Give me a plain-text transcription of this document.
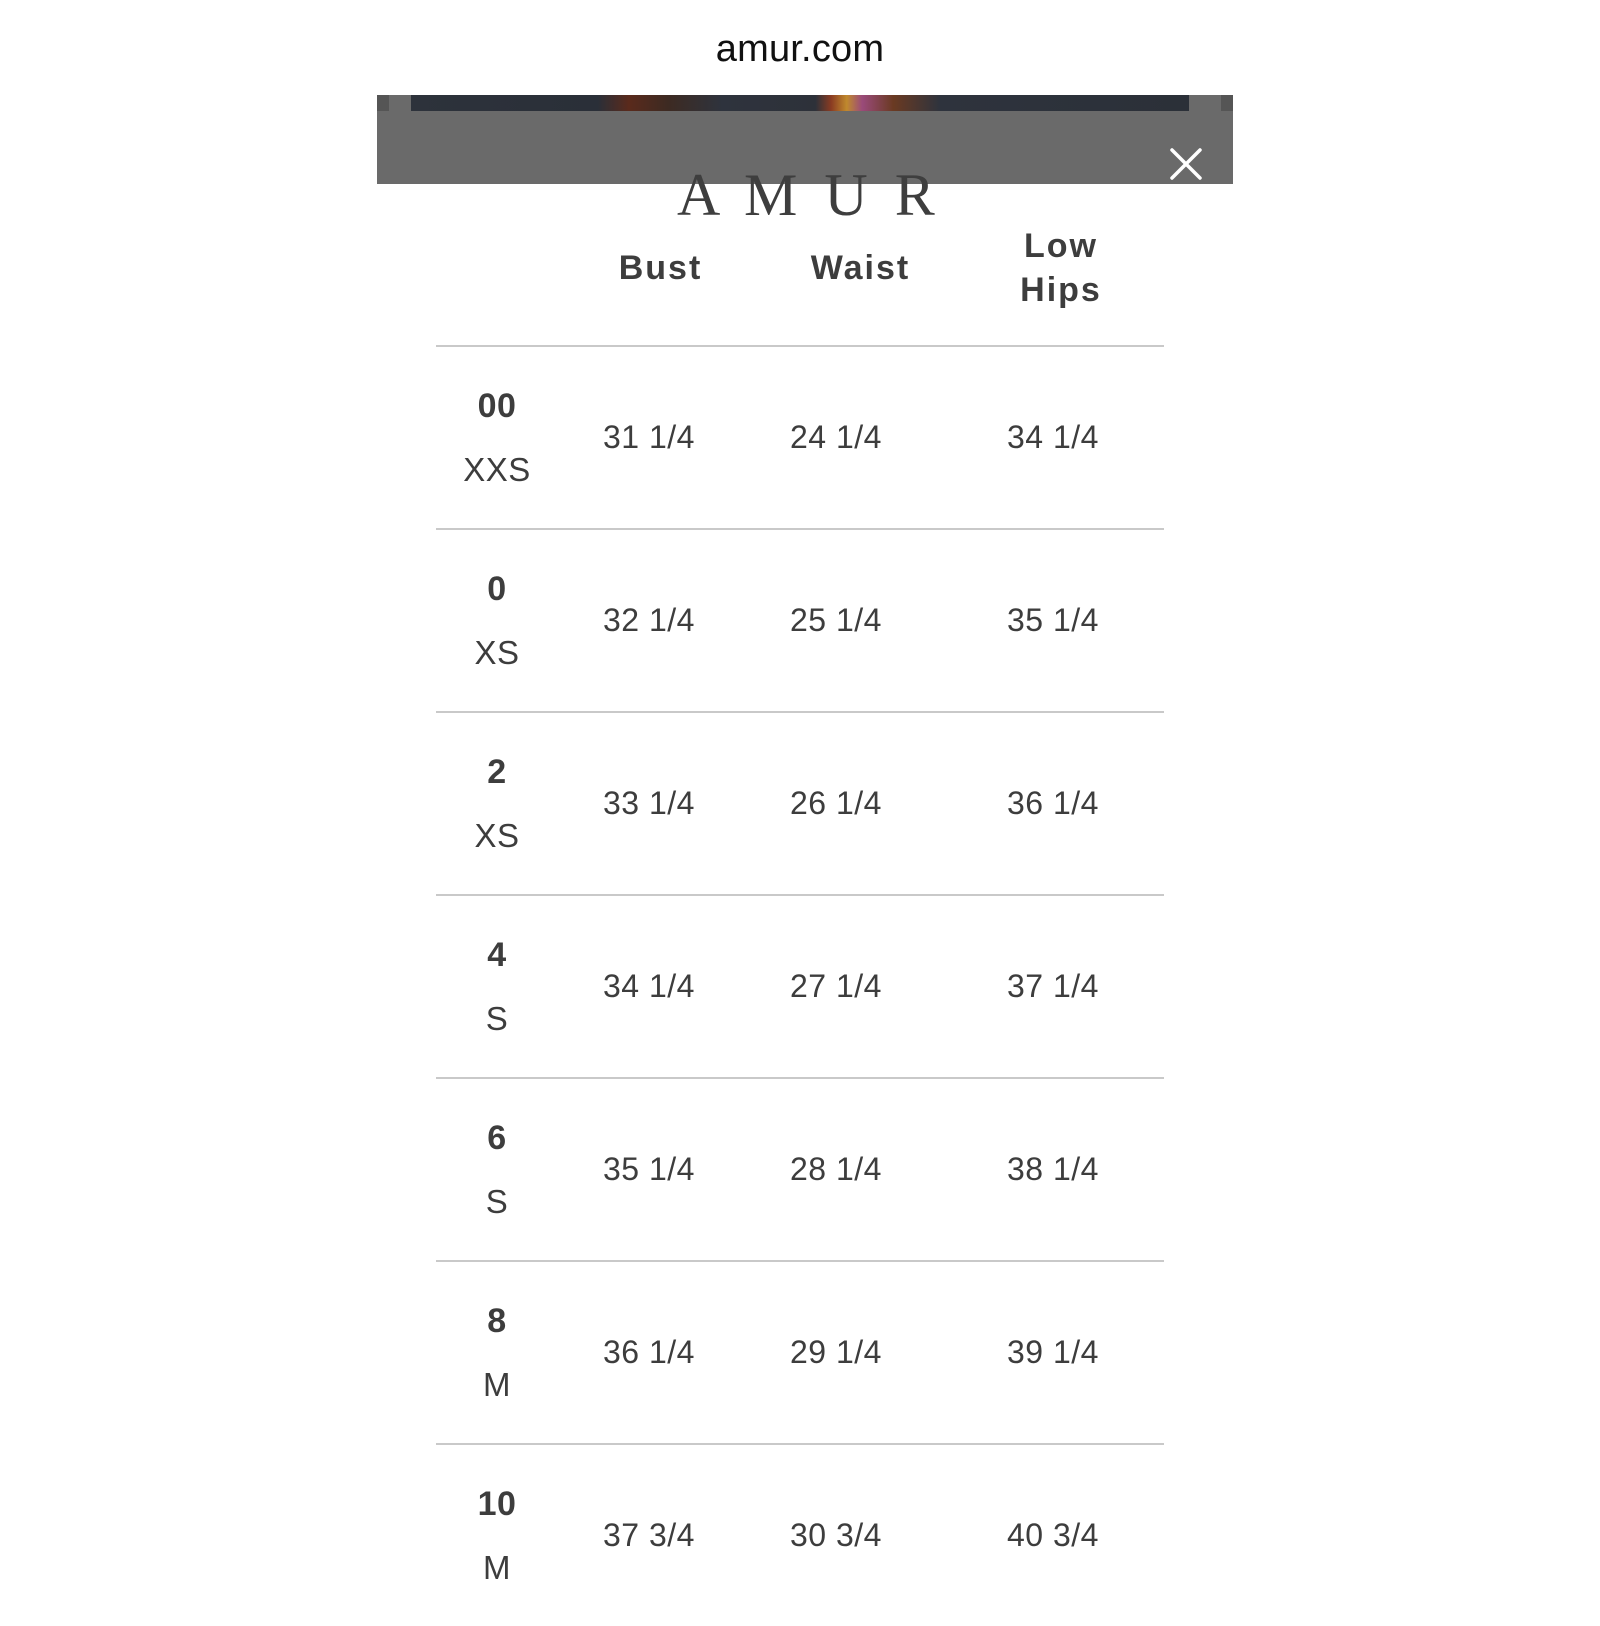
amur.com
A M U R
	Bust	Waist	Low
Hips

00
XXS	31 1/4	24 1/4	34 1/4

0
XS	32 1/4	25 1/4	35 1/4

2
XS	33 1/4	26 1/4	36 1/4

4
S	34 1/4	27 1/4	37 1/4

6
S	35 1/4	28 1/4	38 1/4

8
M	36 1/4	29 1/4	39 1/4

10
M	37 3/4	30 3/4	40 3/4
